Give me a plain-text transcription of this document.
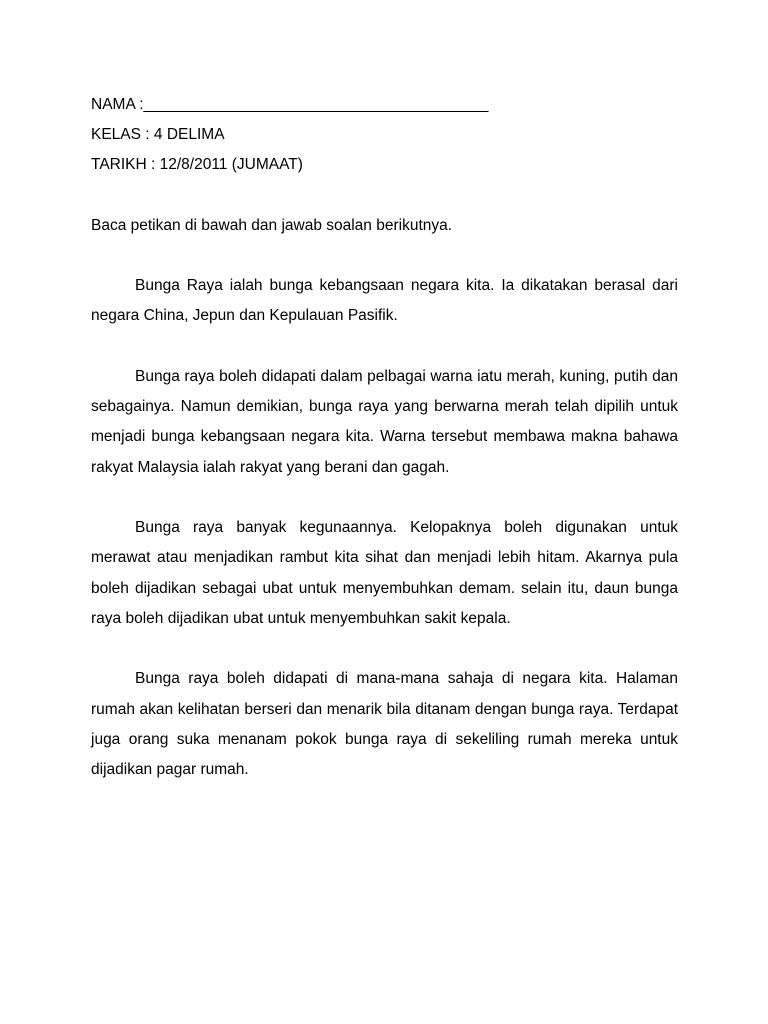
NAMA :________________________________________

KELAS : 4 DELIMA

TARIKH : 12/8/2011 (JUMAAT)

Baca petikan di bawah dan jawab soalan berikutnya.

Bunga Raya ialah bunga kebangsaan negara kita. Ia dikatakan berasal dari negara China, Jepun dan Kepulauan Pasifik.

Bunga raya boleh didapati dalam pelbagai warna iatu merah, kuning, putih dan sebagainya. Namun demikian, bunga raya yang berwarna merah telah dipilih untuk menjadi bunga kebangsaan negara kita. Warna tersebut membawa makna bahawa rakyat Malaysia ialah rakyat yang berani dan gagah.

Bunga raya banyak kegunaannya. Kelopaknya boleh digunakan untuk merawat atau menjadikan rambut kita sihat dan menjadi lebih hitam. Akarnya pula boleh dijadikan sebagai ubat untuk menyembuhkan demam. selain itu, daun bunga raya boleh dijadikan ubat untuk menyembuhkan sakit kepala.

Bunga raya boleh didapati di mana-mana sahaja di negara kita. Halaman rumah akan kelihatan berseri dan menarik bila ditanam dengan bunga raya. Terdapat juga orang suka menanam pokok bunga raya di sekeliling rumah mereka untuk dijadikan pagar rumah.
